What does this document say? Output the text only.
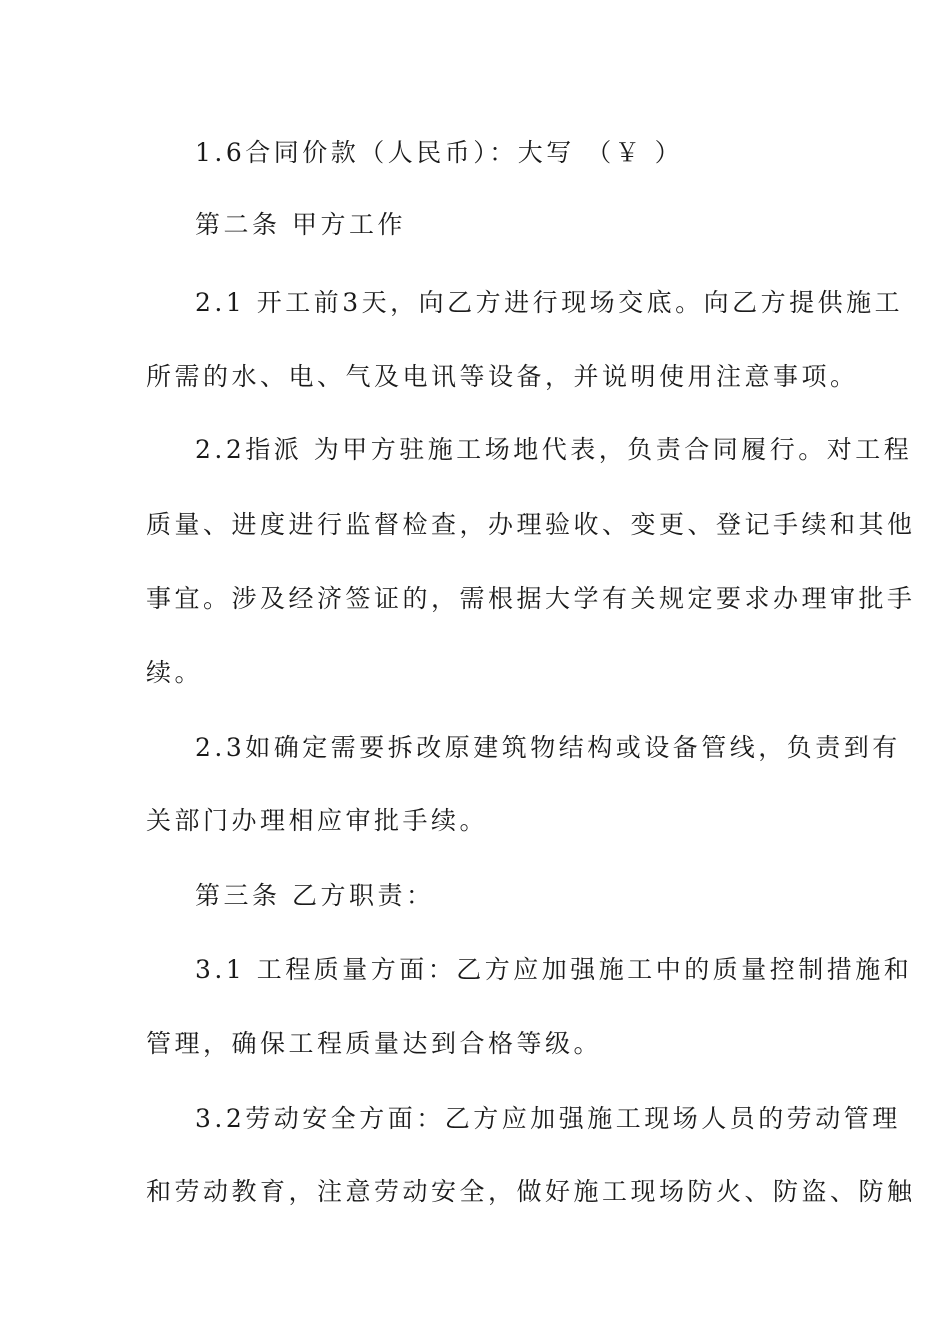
1.6合同价款（人民币）：大写 （￥ ）
第二条 甲方工作
2.1 开工前3天，向乙方进行现场交底。向乙方提供施工
所需的水、电、气及电讯等设备，并说明使用注意事项。
2.2指派 为甲方驻施工场地代表，负责合同履行。对工程
质量、进度进行监督检查，办理验收、变更、登记手续和其他
事宜。涉及经济签证的，需根据大学有关规定要求办理审批手
续。
2.3如确定需要拆改原建筑物结构或设备管线，负责到有
关部门办理相应审批手续。
第三条 乙方职责：
3.1 工程质量方面：乙方应加强施工中的质量控制措施和
管理，确保工程质量达到合格等级。
3.2劳动安全方面：乙方应加强施工现场人员的劳动管理
和劳动教育，注意劳动安全，做好施工现场防火、防盗、防触
